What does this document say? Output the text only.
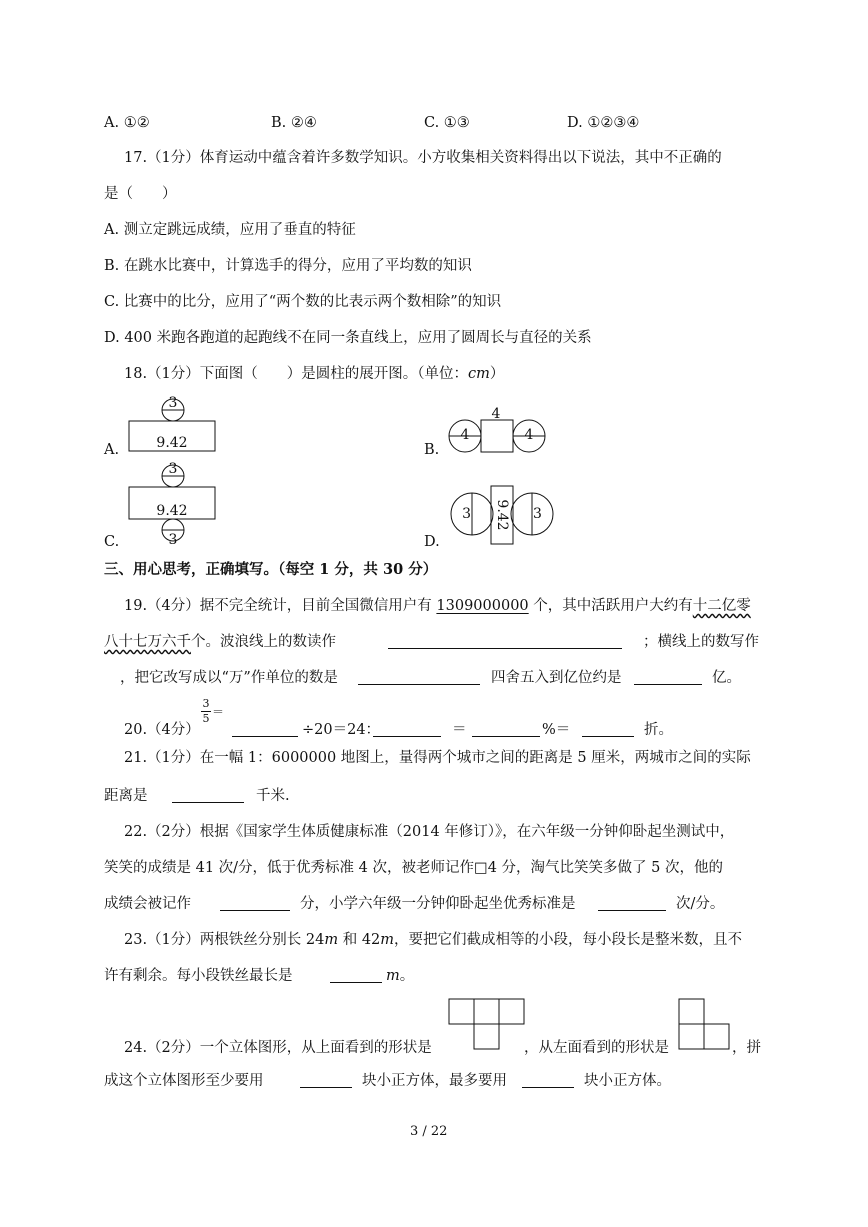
A. ①②	B. ②④	C. ①③	D. ①②③④
17.（1分）体育运动中蕴含着许多数学知识。小方收集相关资料得出以下说法，其中不正确的
是（　　）
A. 测立定跳远成绩，应用了垂直的特征
B. 在跳水比赛中，计算选手的得分，应用了平均数的知识
C. 比赛中的比分，应用了“两个数的比表示两个数相除”的知识
D. 400 米跑各跑道的起跑线不在同一条直线上，应用了圆周长与直径的关系
18.（1分）下面图（　　）是圆柱的展开图。（单位：cm）
A.	B.
C.	D.
3
9.42
4
4	4
3
9.42
3
3 9.42 3
三、用心思考，正确填写。（每空 1 分，共 30 分）
19.（4分）据不完全统计，目前全国微信用户有 1309000000 个，其中活跃用户大约有十二亿零
八十七万六千个。波浪线上的数读作	；横线上的数写作
，把它改写成以“万”作单位的数是	四舍五入到亿位约是	亿。
20.（4分）
3
5 ＝
÷20＝24：	＝	%＝	折。
21.（1分）在一幅 1：6000000 地图上，量得两个城市之间的距离是 5 厘米，两城市之间的实际
距离是	千米.
22.（2分）根据《国家学生体质健康标准（2014 年修订）》，在六年级一分钟仰卧起坐测试中，
笑笑的成绩是 41 次/分，低于优秀标准 4 次，被老师记作□4 分，淘气比笑笑多做了 5 次，他的
成绩会被记作	分，小学六年级一分钟仰卧起坐优秀标准是	次/分。
23.（1分）两根铁丝分别长 24m 和 42m，要把它们截成相等的小段，每小段长是整米数，且不
许有剩余。每小段铁丝最长是	m。
24.（2分）一个立体图形，从上面看到的形状是	，从左面看到的形状是	，拼
成这个立体图形至少要用	块小正方体，最多要用	块小正方体。
3 / 22
